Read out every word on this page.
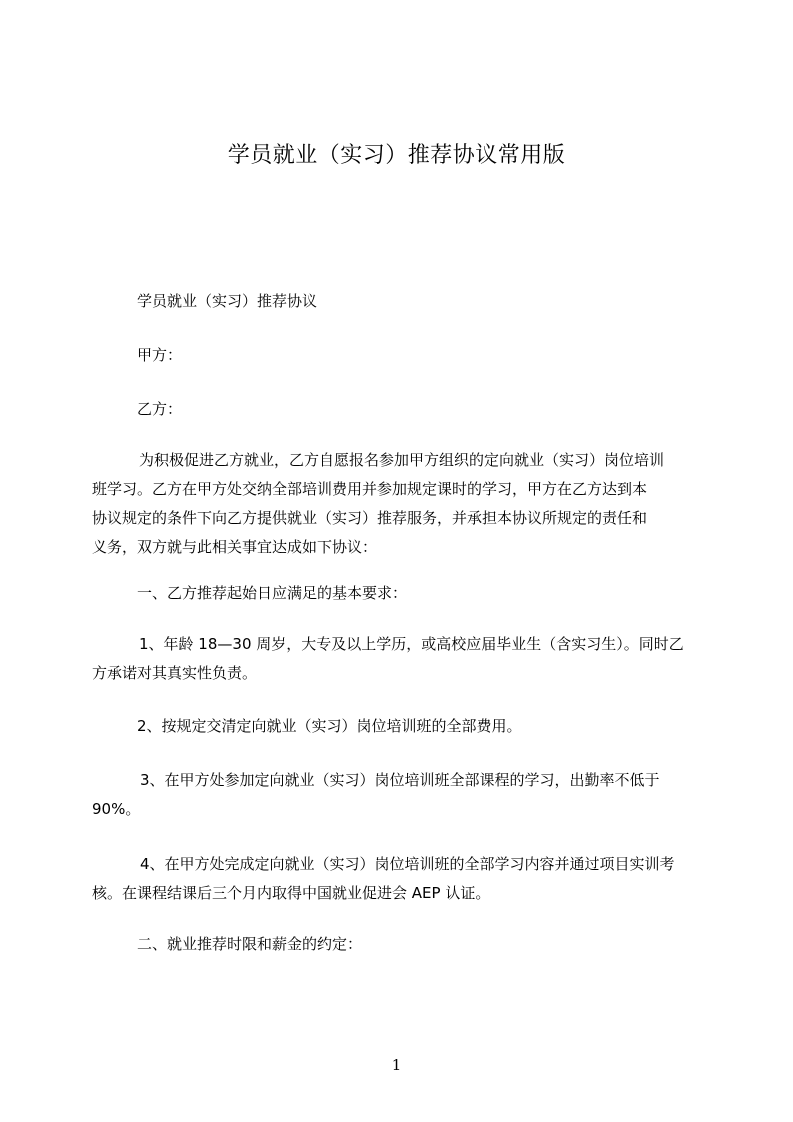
学员就业（实习）推荐协议常用版
学员就业（实习）推荐协议
甲方：
乙方：
为积极促进乙方就业，乙方自愿报名参加甲方组织的定向就业（实习）岗位培训
班学习。乙方在甲方处交纳全部培训费用并参加规定课时的学习，甲方在乙方达到本
协议规定的条件下向乙方提供就业（实习）推荐服务，并承担本协议所规定的责任和
义务，双方就与此相关事宜达成如下协议：
一、乙方推荐起始日应满足的基本要求：
1、年龄 18—30 周岁，大专及以上学历，或高校应届毕业生（含实习生）。同时乙
方承诺对其真实性负责。
2、按规定交清定向就业（实习）岗位培训班的全部费用。
3、在甲方处参加定向就业（实习）岗位培训班全部课程的学习，出勤率不低于
90%。
4、在甲方处完成定向就业（实习）岗位培训班的全部学习内容并通过项目实训考
核。在课程结课后三个月内取得中国就业促进会 AEP 认证。
二、就业推荐时限和薪金的约定：
1
